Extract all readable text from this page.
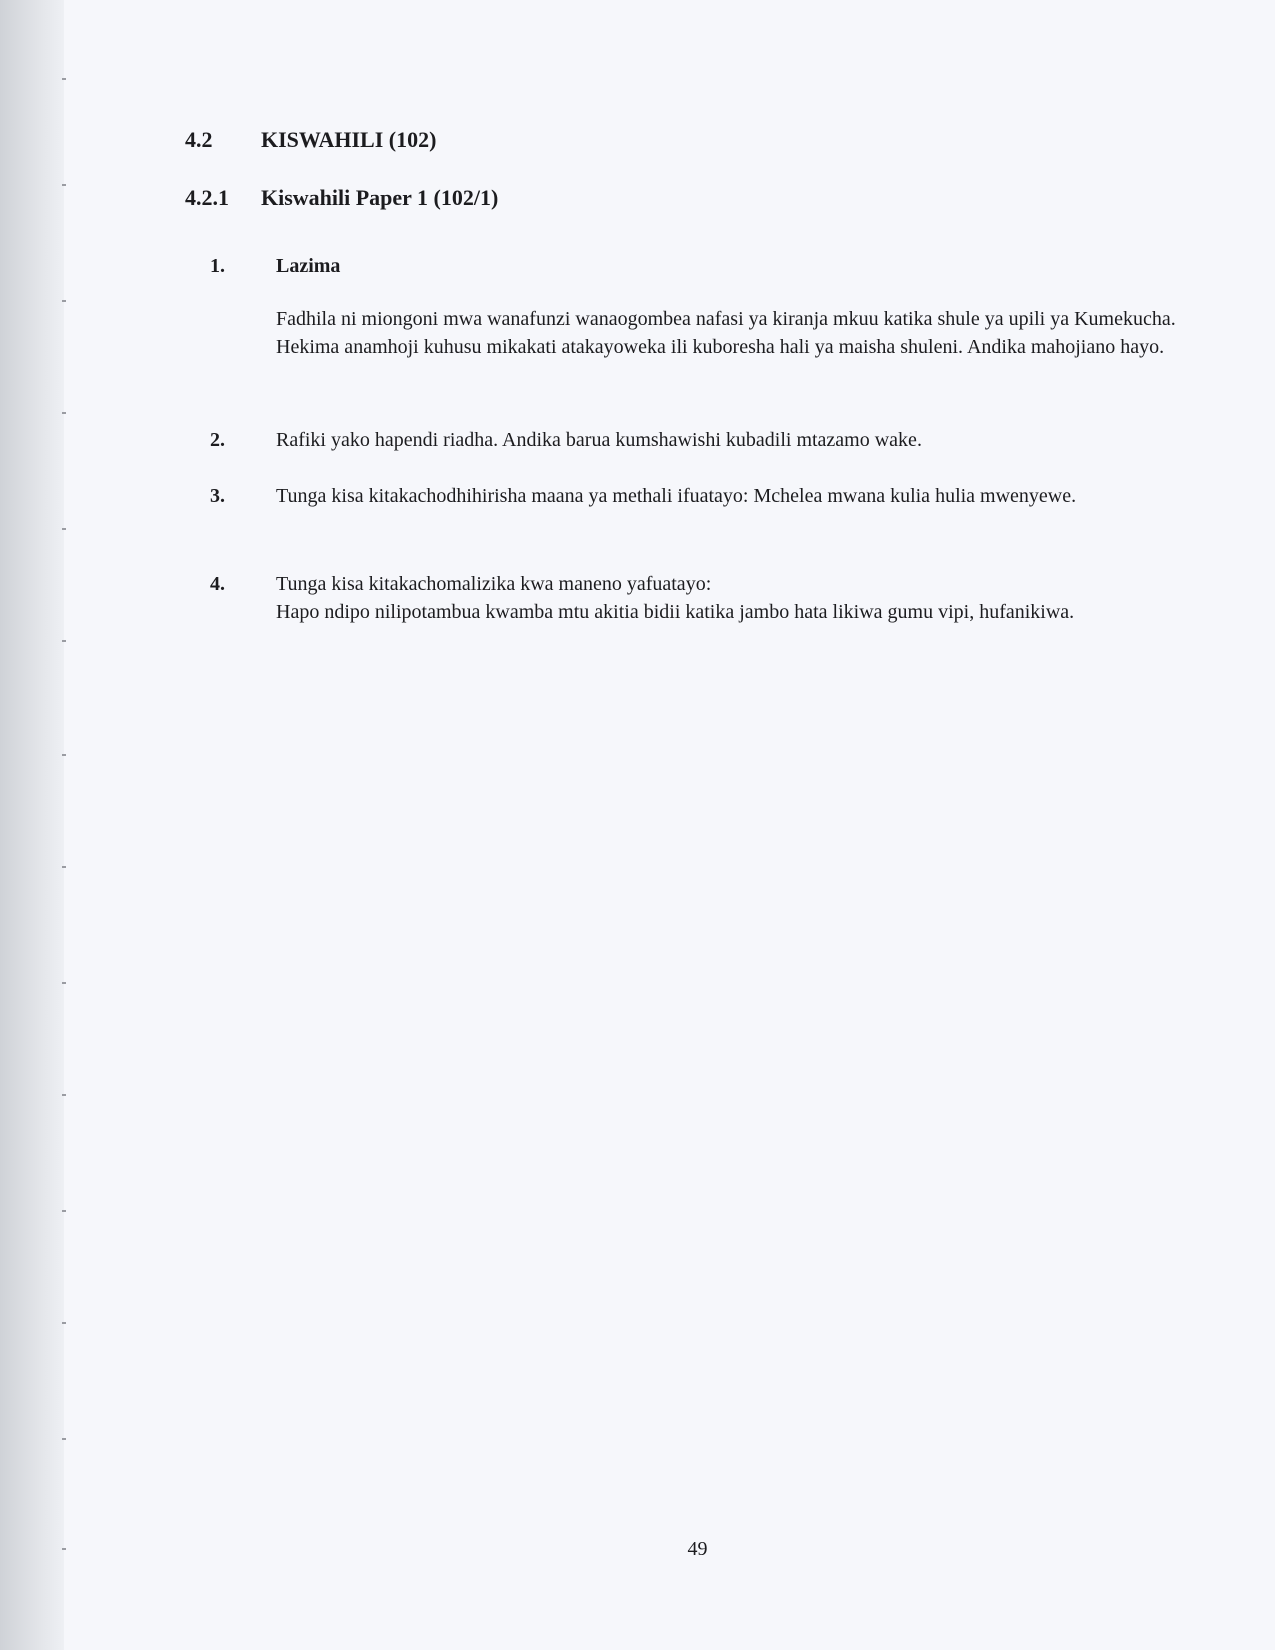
4.2 KISWAHILI (102)
4.2.1 Kiswahili Paper 1 (102/1)
1.	Lazima
Fadhila ni miongoni mwa wanafunzi wanaogombea nafasi ya kiranja mkuu katika shule ya upili ya Kumekucha. Hekima anamhoji kuhusu mikakati atakayoweka ili kuboresha hali ya maisha shuleni. Andika mahojiano hayo.
2.	Rafiki yako hapendi riadha. Andika barua kumshawishi kubadili mtazamo wake.
3.	Tunga kisa kitakachodhihirisha maana ya methali ifuatayo: Mchelea mwana kulia hulia mwenyewe.
4.	Tunga kisa kitakachomalizika kwa maneno yafuatayo:
Hapo ndipo nilipotambua kwamba mtu akitia bidii katika jambo hata likiwa gumu vipi, hufanikiwa.
49
